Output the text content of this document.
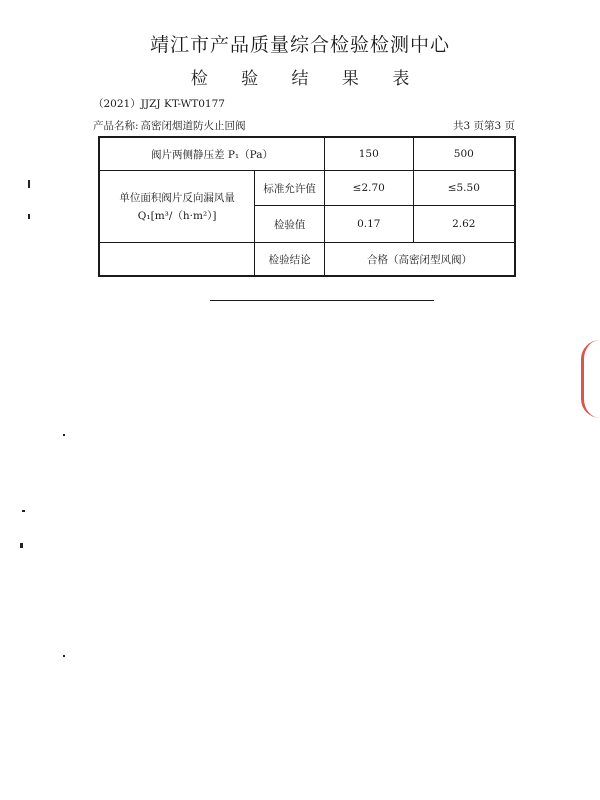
靖江市产品质量综合检验检测中心
检 验 结 果 表
（2021）JJZJ KT-WT0177
产品名称: 高密闭烟道防火止回阀	共3 页第3 页
阀片两侧静压差 P₁（Pa）		150	500

单位面积阀片反向漏风量
Q₁[m³/（h·m²）]	标准允许值	≤2.70	≤5.50
	检验值	0.17	2.62
	检验结论	合格（高密闭型风阀）	
